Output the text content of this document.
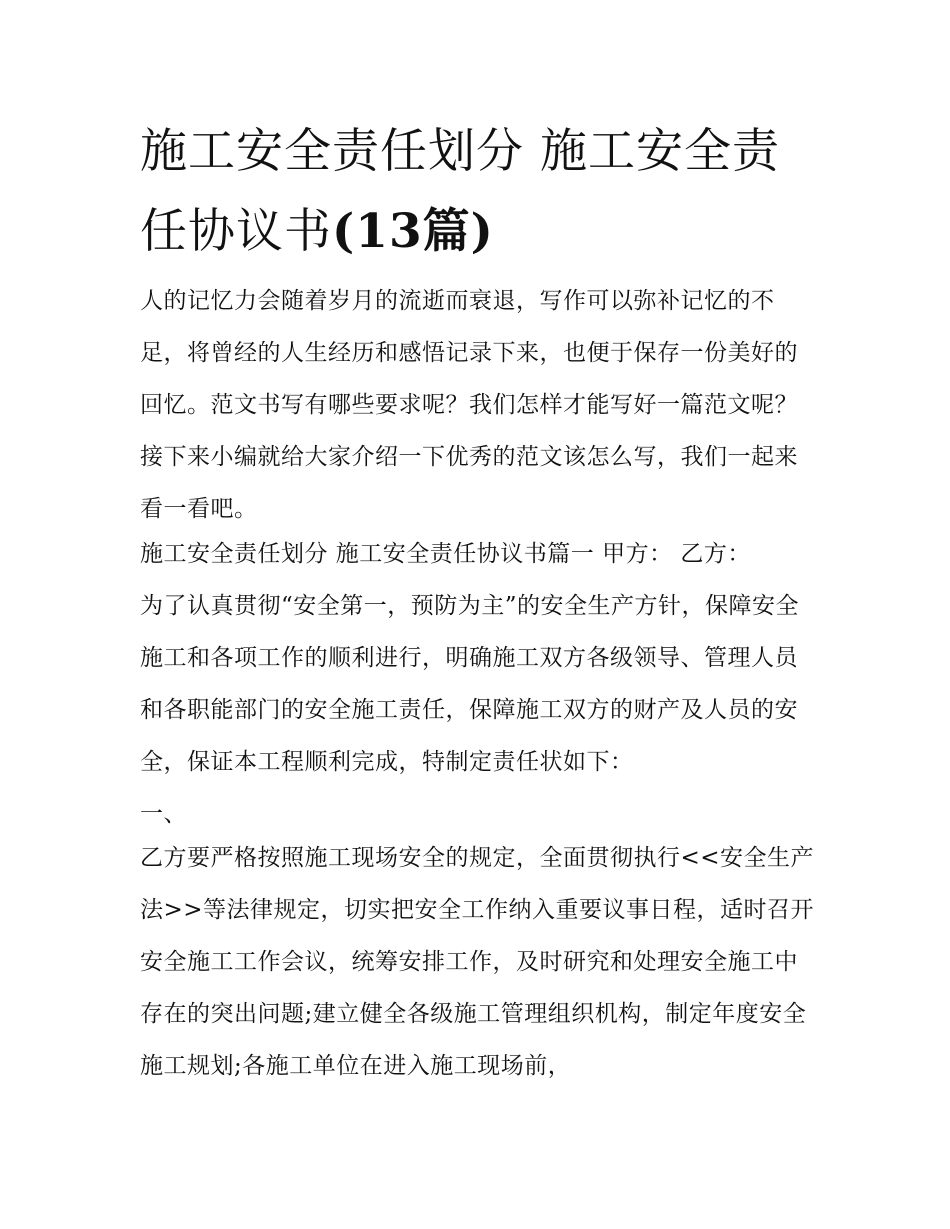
施工安全责任划分 施工安全责任协议书(13篇)

人的记忆力会随着岁月的流逝而衰退，写作可以弥补记忆的不足，将曾经的人生经历和感悟记录下来，也便于保存一份美好的回忆。范文书写有哪些要求呢？我们怎样才能写好一篇范文呢？接下来小编就给大家介绍一下优秀的范文该怎么写，我们一起来看一看吧。

施工安全责任划分 施工安全责任协议书篇一 甲方： 乙方：

为了认真贯彻“安全第一，预防为主”的安全生产方针，保障安全施工和各项工作的顺利进行，明确施工双方各级领导、管理人员和各职能部门的安全施工责任，保障施工双方的财产及人员的安全，保证本工程顺利完成，特制定责任状如下：

一、

乙方要严格按照施工现场安全的规定，全面贯彻执行<<安全生产法>>等法律规定，切实把安全工作纳入重要议事日程，适时召开安全施工工作会议，统筹安排工作，及时研究和处理安全施工中存在的突出问题;建立健全各级施工管理组织机构，制定年度安全施工规划;各施工单位在进入施工现场前，
